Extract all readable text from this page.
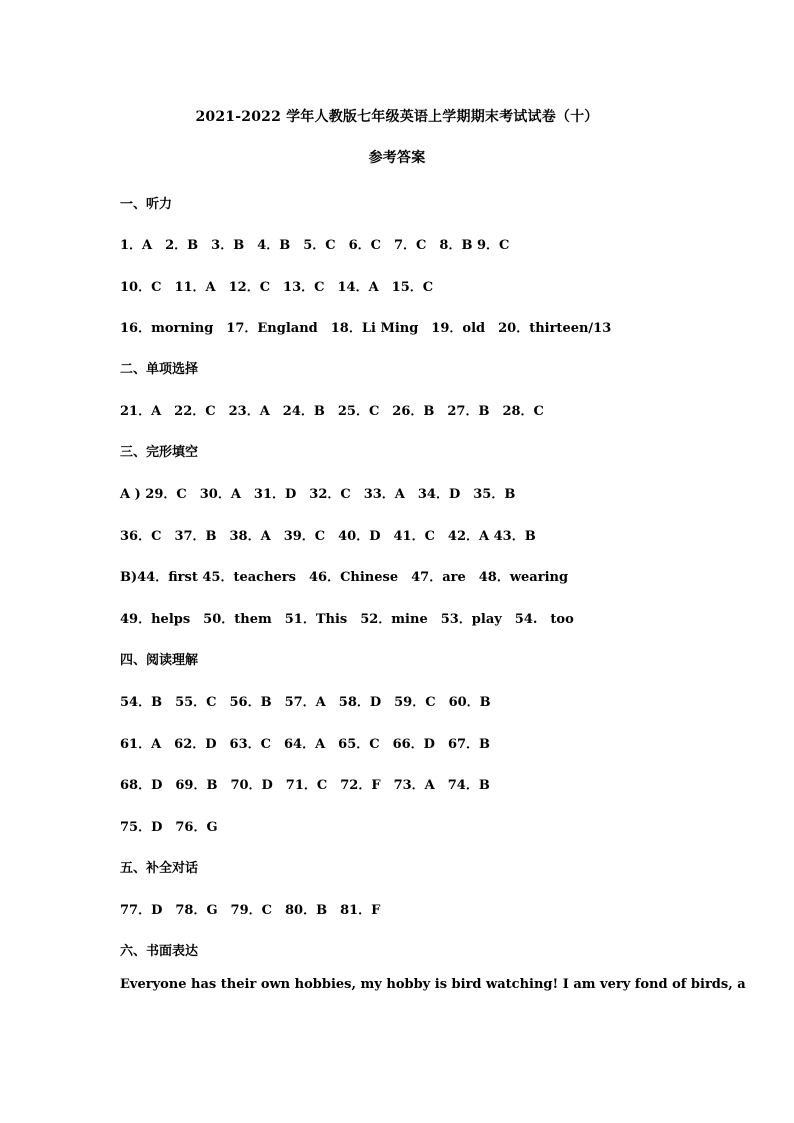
2021-2022 学年人教版七年级英语上学期期末考试试卷（十）
参考答案
一、听力
1．A　2．B　3．B　4．B　5．C　6．C　7．C　8．B 9．C
10．C　11．A　12．C　13．C　14．A　15．C
16．morning　17．England　18．Li Ming　19．old　20．thirteen/13
二、单项选择
21．A　22．C　23．A　24．B　25．C　26．B　27．B　28．C
三、完形填空
A ) 29．C　30．A　31．D　32．C　33．A　34．D　35．B
36．C　37．B　38．A　39．C　40．D　41．C　42．A 43．B
B)44．first 45．teachers　46．Chinese　47．are　48．wearing
49．helps　50．them　51．This　52．mine　53．play　54.　too
四、阅读理解
54．B　55．C　56．B　57．A　58．D　59．C　60．B
61．A　62．D　63．C　64．A　65．C　66．D　67．B
68．D　69．B　70．D　71．C　72．F　73．A　74．B
75．D　76．G
五、补全对话
77．D　78．G　79．C　80．B　81．F
六、书面表达
Everyone has their own hobbies, my hobby is bird watching! I am very fond of birds, a
